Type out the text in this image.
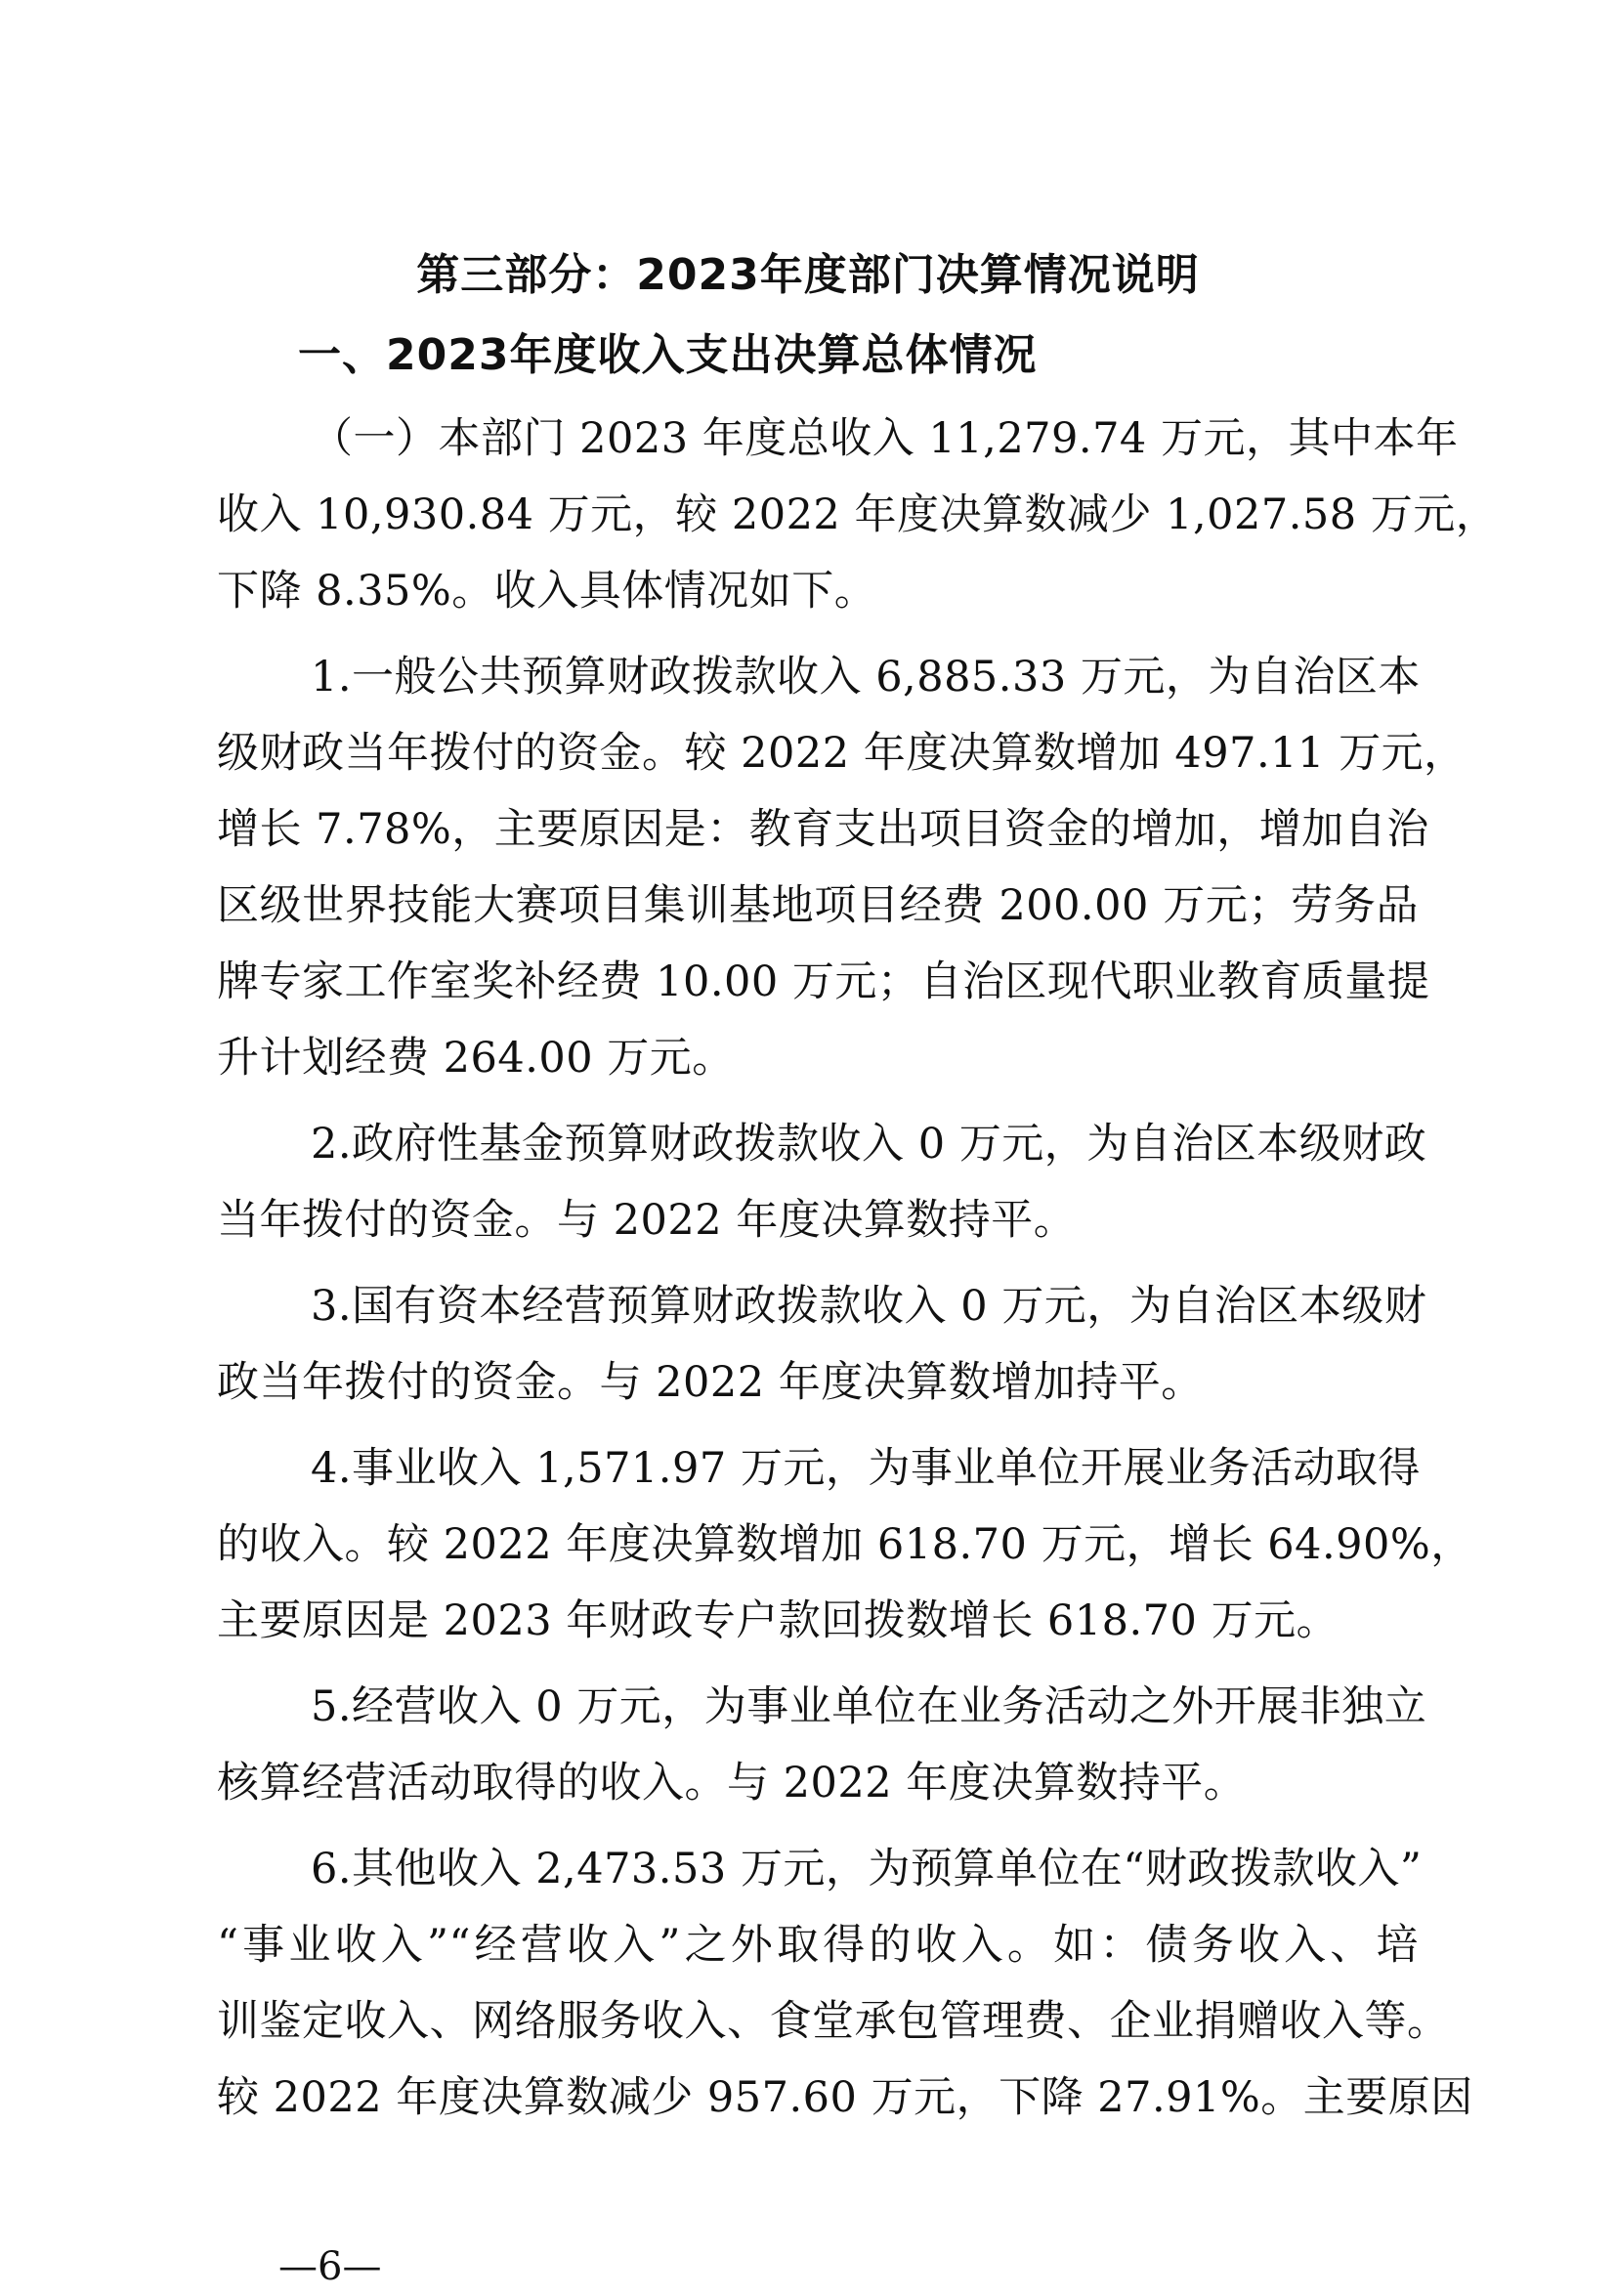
第三部分：2023年度部门决算情况说明
一、2023年度收入支出决算总体情况
（一）本部门 2023 年度总收入 11,279.74 万元，其中本年
收入 10,930.84 万元，较 2022 年度决算数减少 1,027.58 万元，
下降 8.35%。收入具体情况如下。
1.一般公共预算财政拨款收入 6,885.33 万元，为自治区本
级财政当年拨付的资金。较 2022 年度决算数增加 497.11 万元，
增长 7.78%，主要原因是：教育支出项目资金的增加，增加自治
区级世界技能大赛项目集训基地项目经费 200.00 万元；劳务品
牌专家工作室奖补经费 10.00 万元；自治区现代职业教育质量提
升计划经费 264.00 万元。
2.政府性基金预算财政拨款收入 0 万元，为自治区本级财政
当年拨付的资金。与 2022 年度决算数持平。
3.国有资本经营预算财政拨款收入 0 万元，为自治区本级财
政当年拨付的资金。与 2022 年度决算数增加持平。
4.事业收入 1,571.97 万元，为事业单位开展业务活动取得
的收入。较 2022 年度决算数增加 618.70 万元，增长 64.90%，
主要原因是 2023 年财政专户款回拨数增长 618.70 万元。
5.经营收入 0 万元，为事业单位在业务活动之外开展非独立
核算经营活动取得的收入。与 2022 年度决算数持平。
6.其他收入 2,473.53 万元，为预算单位在“财政拨款收入”
“事业收入”“经营收入”之外取得的收入。如：债务收入、培
训鉴定收入、网络服务收入、食堂承包管理费、企业捐赠收入等。
较 2022 年度决算数减少 957.60 万元，下降 27.91%。主要原因
—6—
